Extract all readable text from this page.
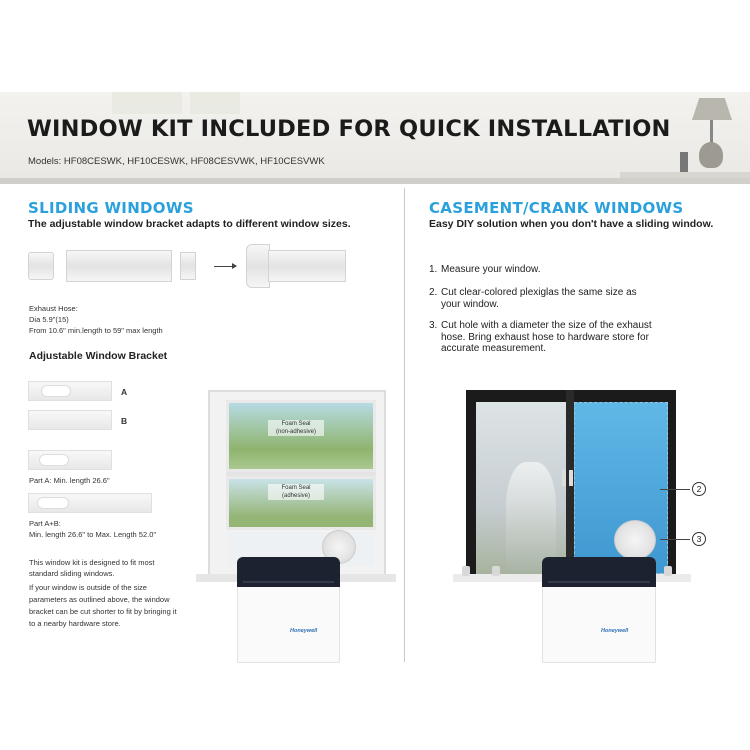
WINDOW KIT INCLUDED FOR QUICK INSTALLATION
Models: HF08CESWK, HF10CESWK, HF08CESVWK, HF10CESVWK
SLIDING WINDOWS
The adjustable window bracket adapts to different window sizes.
Exhaust Hose:
Dia 5.9"(15)
From 10.6" min.length to 59" max length
Adjustable Window Bracket
A
B
Part A: Min. length 26.6"
Part A+B:
Min. length 26.6" to Max. Length 52.0"
This window kit is designed to fit most
standard sliding windows.
If your window is outside of the size
parameters as outlined above, the window
bracket can be cut shorter to fit by bringing it
to a nearby hardware store.
Foam Seal
(non-adhesive)
Foam Seal
(adhesive)
Honeywell
CASEMENT/CRANK WINDOWS
Easy DIY solution when you don't have a sliding window.
1. Measure your window.
2. Cut clear-colored plexiglas the same size as
your window.
3. Cut hole with a diameter the size of the exhaust
hose. Bring exhaust hose to hardware store for
accurate measurement.
2
3
Honeywell
